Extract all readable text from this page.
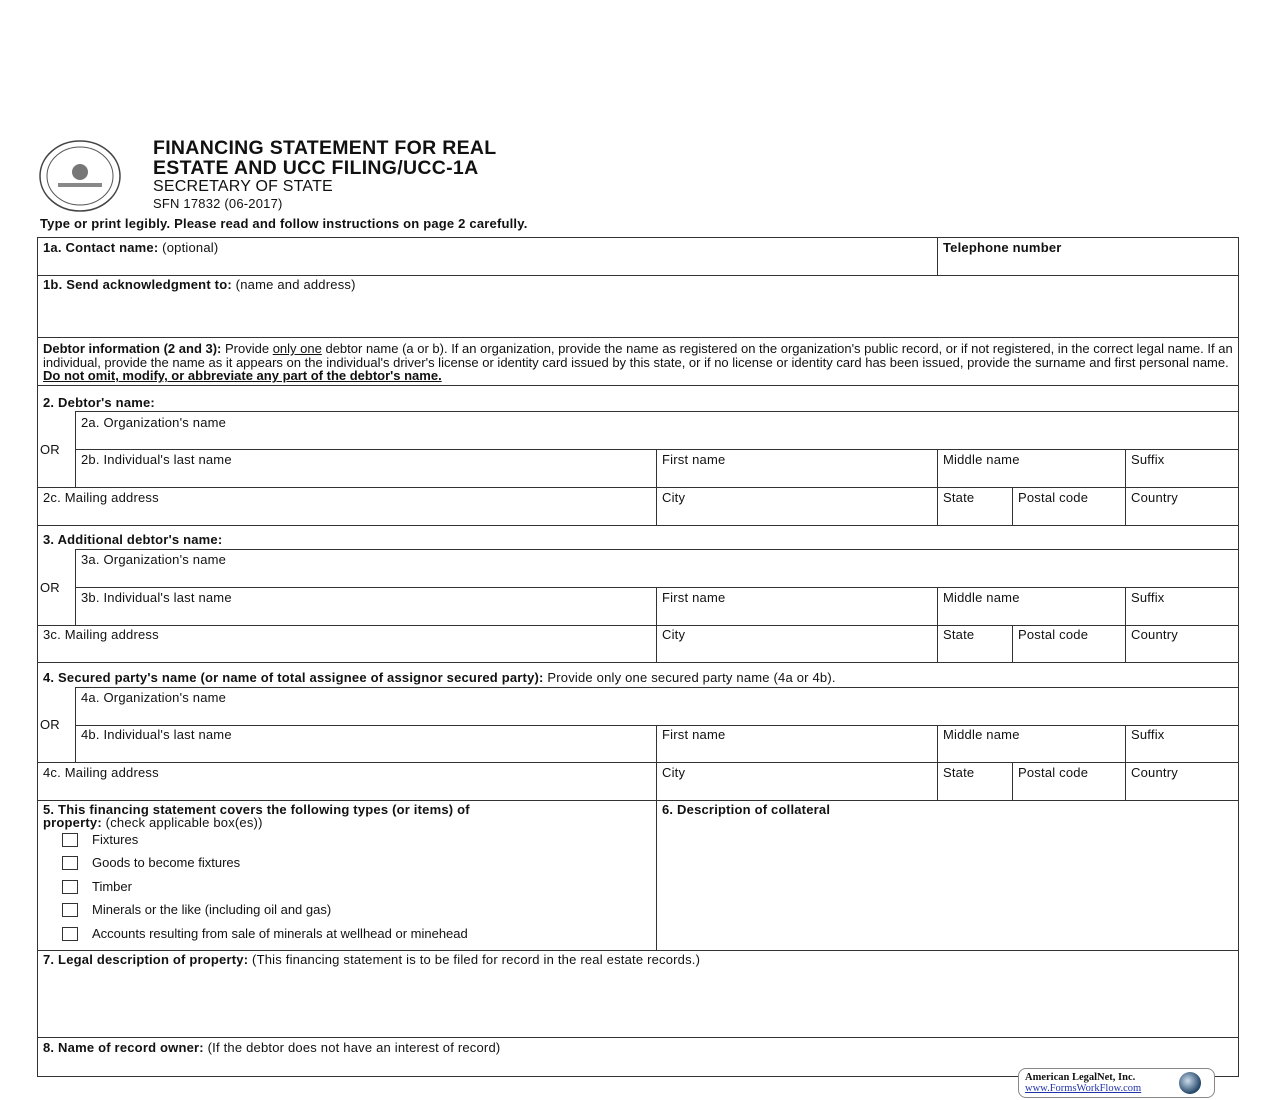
FINANCING STATEMENT FOR REAL
ESTATE AND UCC FILING/UCC-1A
SECRETARY OF STATE
SFN 17832 (06-2017)
Type or print legibly. Please read and follow instructions on page 2 carefully.
1a. Contact name: (optional)	Telephone number
1b. Send acknowledgment to: (name and address)
Debtor information (2 and 3): Provide only one debtor name (a or b). If an organization, provide the name as registered on the organization's public record, or if not registered, in the correct legal name. If an individual, provide the name as it appears on the individual's driver's license or identity card issued by this state, or if no license or identity card has been issued, provide the surname and first personal name. Do not omit, modify, or abbreviate any part of the debtor's name.
2. Debtor's name:
OR
2a. Organization's name
2b. Individual's last name	First name	Middle name	Suffix
2c. Mailing address	City	State	Postal code	Country
3. Additional debtor's name:
OR
3a. Organization's name
3b. Individual's last name	First name	Middle name	Suffix
3c. Mailing address	City	State	Postal code	Country
4. Secured party's name (or name of total assignee of assignor secured party): Provide only one secured party name (4a or 4b).
OR
4a. Organization's name
4b. Individual's last name	First name	Middle name	Suffix
4c. Mailing address	City	State	Postal code	Country
5. This financing statement covers the following types (or items) of
property: (check applicable box(es))
Fixtures
Goods to become fixtures
Timber
Minerals or the like (including oil and gas)
Accounts resulting from sale of minerals at wellhead or minehead
6. Description of collateral
7. Legal description of property: (This financing statement is to be filed for record in the real estate records.)
8. Name of record owner: (If the debtor does not have an interest of record)
American LegalNet, Inc.
www.FormsWorkFlow.com
